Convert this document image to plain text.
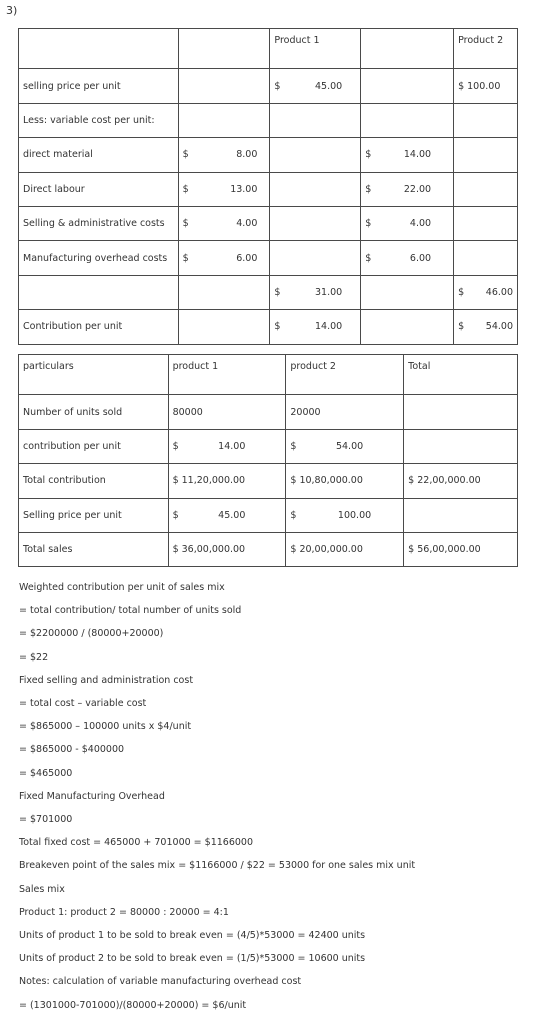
3)
		Product 1		Product 2
selling price per unit		$ 45.00		$ 100.00
Less: variable cost per unit:				
direct material	$ 8.00		$ 14.00	

Direct labour	$ 13.00		$ 22.00	

Selling & administrative costs	$ 4.00		$ 4.00	

Manufacturing overhead costs	$ 6.00		$ 6.00	

		$ 31.00		$ 46.00

Contribution per unit		$ 14.00		$ 54.00
particulars	product 1	product 2	Total
Number of units sold	80000	20000	
contribution per unit	$ 14.00	$ 54.00	

Total contribution	$ 11,20,000.00	$ 10,80,000.00	$ 22,00,000.00
Selling price per unit	$ 45.00	$ 100.00	

Total sales	$ 36,00,000.00	$ 20,00,000.00	$ 56,00,000.00
Weighted contribution per unit of sales mix
= total contribution/ total number of units sold
= $2200000 / (80000+20000)
= $22
Fixed selling and administration cost
= total cost – variable cost
= $865000 – 100000 units x $4/unit
= $865000 - $400000
= $465000
Fixed Manufacturing Overhead
= $701000
Total fixed cost = 465000 + 701000 = $1166000
Breakeven point of the sales mix = $1166000 / $22 = 53000 for one sales mix unit
Sales mix
Product 1: product 2 = 80000 : 20000 = 4:1
Units of product 1 to be sold to break even = (4/5)*53000 = 42400 units
Units of product 2 to be sold to break even = (1/5)*53000 = 10600 units
Notes: calculation of variable manufacturing overhead cost
= (1301000-701000)/(80000+20000) = $6/unit
